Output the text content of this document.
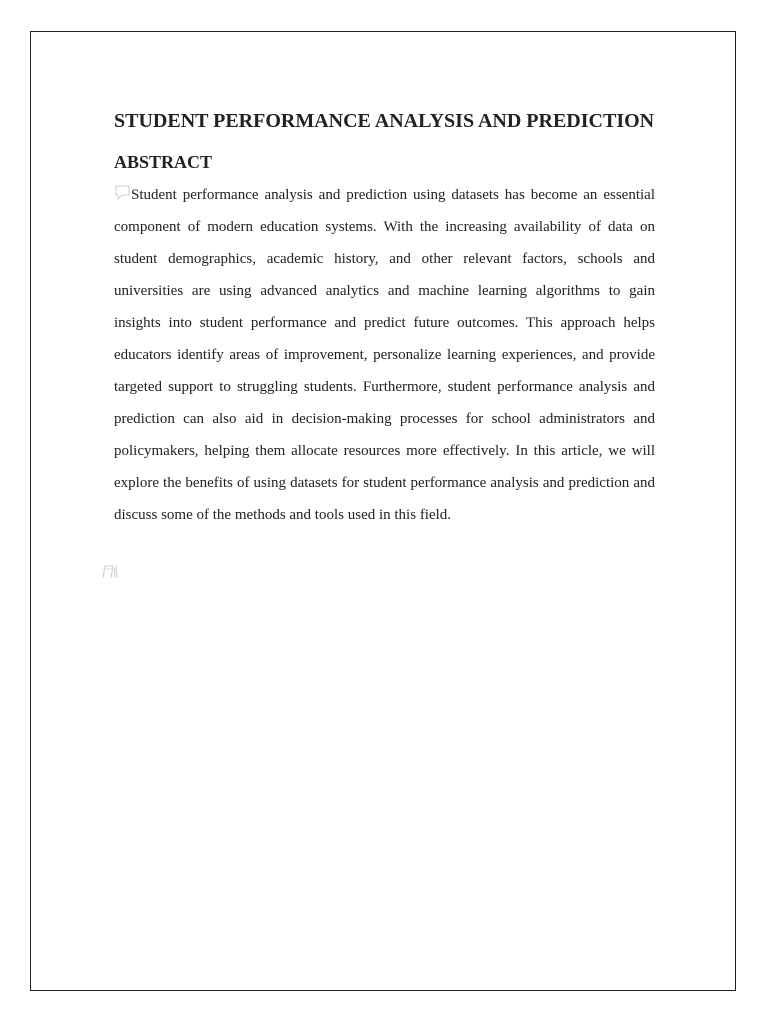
STUDENT PERFORMANCE ANALYSIS AND PREDICTION
ABSTRACT

Student performance analysis and prediction using datasets has become an essential component of modern education systems. With the increasing availability of data on student demographics, academic history, and other relevant factors, schools and universities are using advanced analytics and machine learning algorithms to gain insights into student performance and predict future outcomes. This approach helps educators identify areas of improvement, personalize learning experiences, and provide targeted support to struggling students. Furthermore, student performance analysis and prediction can also aid in decision-making processes for school administrators and policymakers, helping them allocate resources more effectively. In this article, we will explore the benefits of using datasets for student performance analysis and prediction and discuss some of the methods and tools used in this field.
